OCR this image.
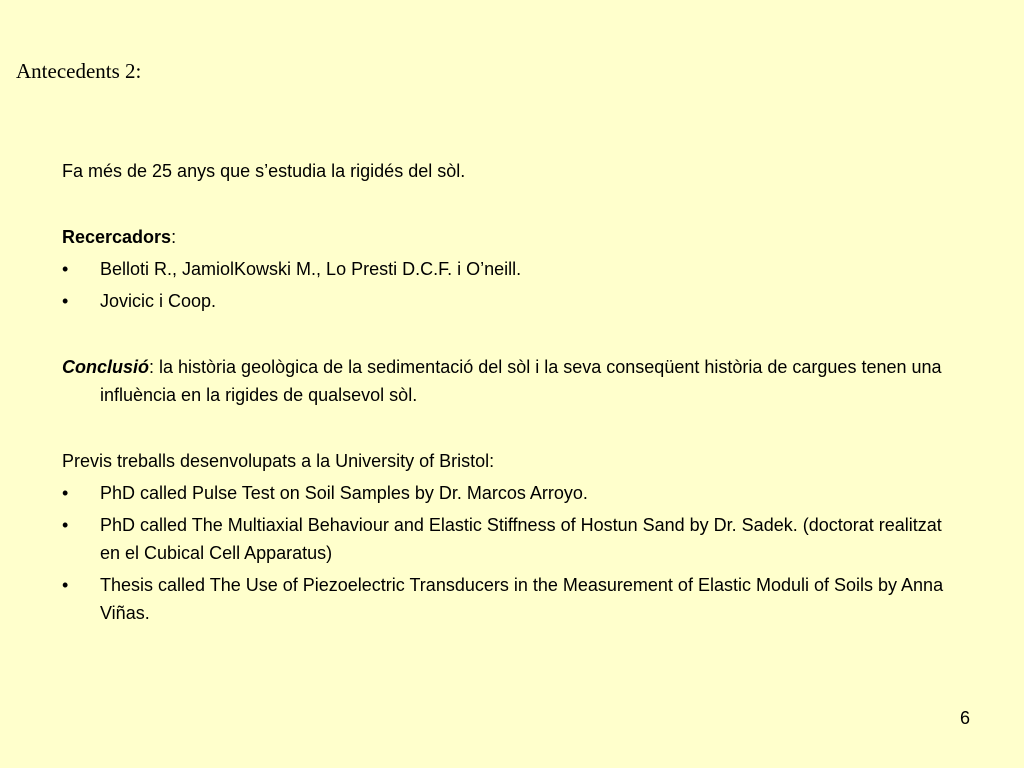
Antecedents 2:

Fa més de 25 anys que s’estudia la rigidés del sòl.

Recercadors:

•	Belloti R., JamiolKowski M., Lo Presti D.C.F. i O’neill.

•	Jovicic i Coop.

Conclusió: la història geològica de la sedimentació del sòl i la seva conseqüent història de cargues tenen una influència en la rigides de qualsevol sòl.

Previs treballs desenvolupats a la University of Bristol:

•	PhD called Pulse Test on Soil Samples by Dr. Marcos Arroyo.

•	PhD called The Multiaxial Behaviour and Elastic Stiffness of Hostun Sand by Dr. Sadek. (doctorat realitzat en el Cubical Cell Apparatus)

•	Thesis called The Use of Piezoelectric Transducers in the Measurement of Elastic Moduli of Soils by Anna Viñas.

6
